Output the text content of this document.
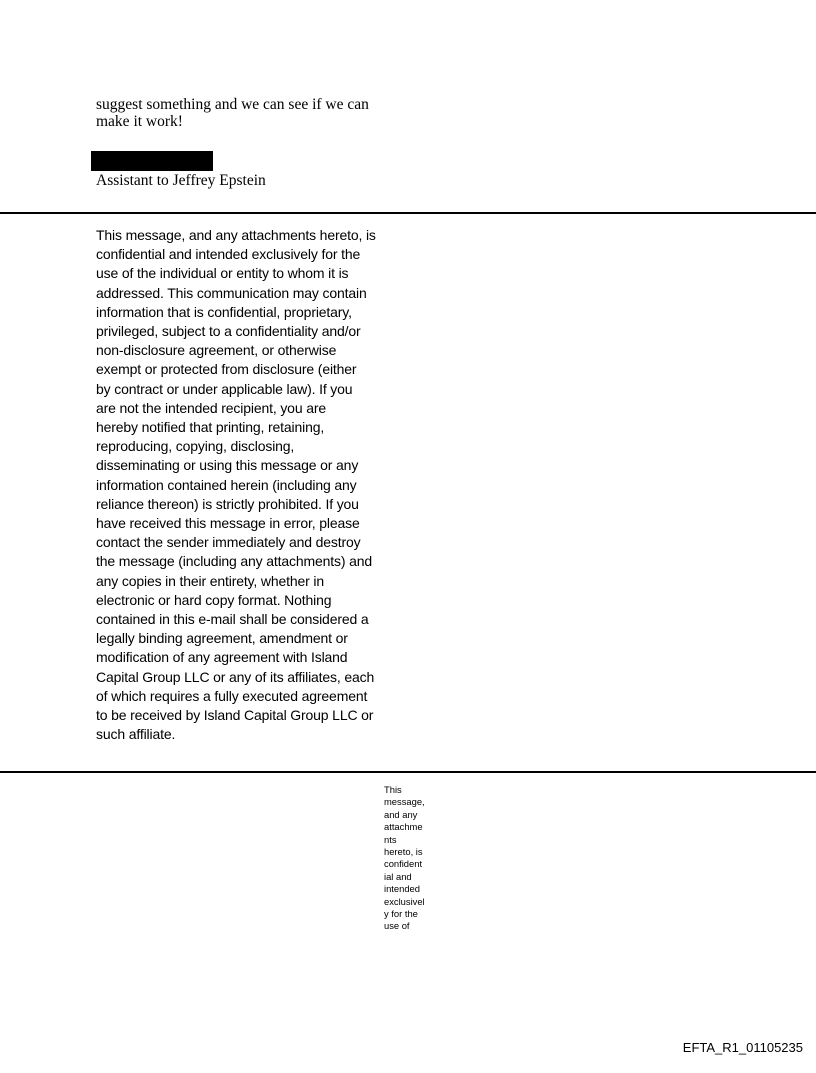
suggest something and we can see if we can
make it work!
Assistant to Jeffrey Epstein
This message, and any attachments hereto, is
confidential and intended exclusively for the
use of the individual or entity to whom it is
addressed. This communication may contain
information that is confidential, proprietary,
privileged, subject to a confidentiality and/or
non-disclosure agreement, or otherwise
exempt or protected from disclosure (either
by contract or under applicable law). If you
are not the intended recipient, you are
hereby notified that printing, retaining,
reproducing, copying, disclosing,
disseminating or using this message or any
information contained herein (including any
reliance thereon) is strictly prohibited. If you
have received this message in error, please
contact the sender immediately and destroy
the message (including any attachments) and
any copies in their entirety, whether in
electronic or hard copy format. Nothing
contained in this e-mail shall be considered a
legally binding agreement, amendment or
modification of any agreement with Island
Capital Group LLC or any of its affiliates, each
of which requires a fully executed agreement
to be received by Island Capital Group LLC or
such affiliate.
This
message,
and any
attachme
nts
hereto, is
confident
ial and
intended
exclusivel
y for the
use of
EFTA_R1_01105235
